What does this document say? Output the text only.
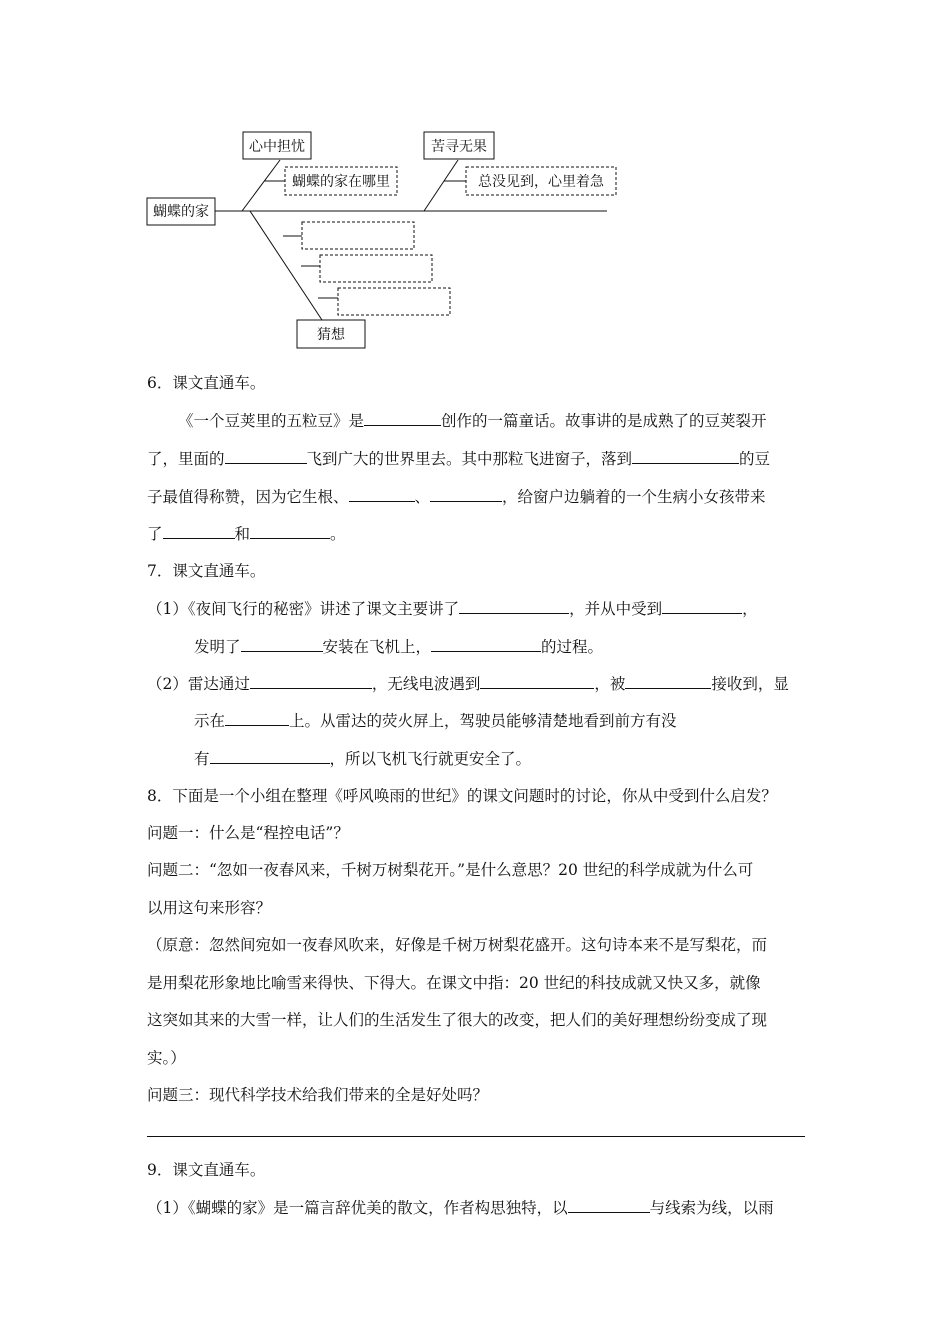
蝴蝶的家
心中担忧
蝴蝶的家在哪里
苦寻无果
总没见到，心里着急
猜想
6．课文直通车。
《一个豆荚里的五粒豆》是	创作的一篇童话。故事讲的是成熟了的豆荚裂开
了，里面的	飞到广大的世界里去。其中那粒飞进窗子，落到	的豆
子最值得称赞，因为它生根、	、	，给窗户边躺着的一个生病小女孩带来
了	和	。
7．课文直通车。
（1）《夜间飞行的秘密》讲述了课文主要讲了	，并从中受到	，
发明了	安装在飞机上，	的过程。
（2）雷达通过	，无线电波遇到	，被	接收到，显
示在	上。从雷达的荧火屏上，驾驶员能够清楚地看到前方有没
有	，所以飞机飞行就更安全了。
8．下面是一个小组在整理《呼风唤雨的世纪》的课文问题时的讨论，你从中受到什么启发？
问题一：什么是“程控电话”？
问题二：“忽如一夜春风来，千树万树梨花开。”是什么意思？20 世纪的科学成就为什么可
以用这句来形容？
（原意：忽然间宛如一夜春风吹来，好像是千树万树梨花盛开。这句诗本来不是写梨花，而
是用梨花形象地比喻雪来得快、下得大。在课文中指：20 世纪的科技成就又快又多，就像
这突如其来的大雪一样，让人们的生活发生了很大的改变，把人们的美好理想纷纷变成了现
实。）
问题三：现代科学技术给我们带来的全是好处吗？
9．课文直通车。
（1）《蝴蝶的家》是一篇言辞优美的散文，作者构思独特，以	与线索为线，以雨
